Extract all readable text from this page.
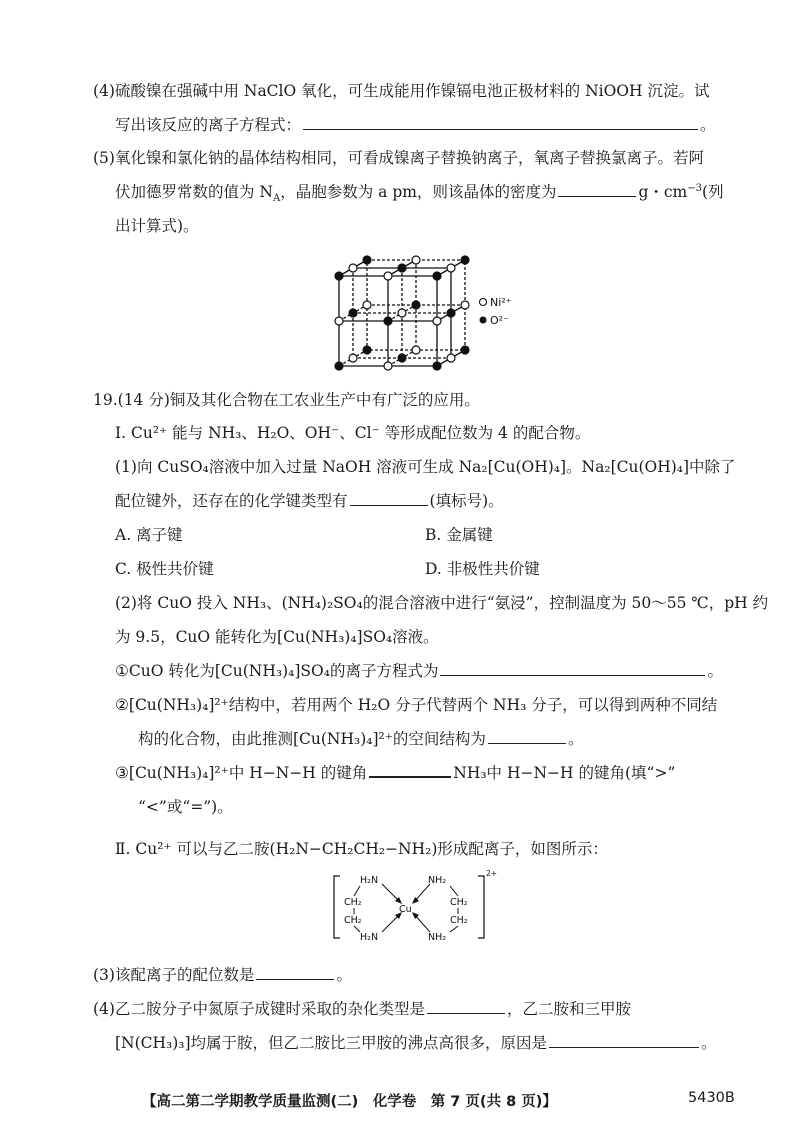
(4)硫酸镍在强碱中用 NaClO 氧化，可生成能用作镍镉电池正极材料的 NiOOH 沉淀。试
写出该反应的离子方程式：	。
(5)氧化镍和氯化钠的晶体结构相同，可看成镍离子替换钠离子，氧离子替换氯离子。若阿
伏加德罗常数的值为 $N_A$，晶胞参数为 a pm，则该晶体的密度为	g・$cm^{-3}$(列
出计算式)。
Ni²⁺
O²⁻
19.(14 分)铜及其化合物在工农业生产中有广泛的应用。
Ⅰ. Cu²⁺ 能与 NH₃、H₂O、OH⁻、Cl⁻ 等形成配位数为 4 的配合物。
(1)向 CuSO₄溶液中加入过量 NaOH 溶液可生成 Na₂[Cu(OH)₄]。Na₂[Cu(OH)₄]中除了
配位键外，还存在的化学键类型有	(填标号)。
A. 离子键	B. 金属键
C. 极性共价键	D. 非极性共价键
(2)将 CuO 投入 NH₃、(NH₄)₂SO₄的混合溶液中进行“氨浸”，控制温度为 50～55 ℃，pH 约
为 9.5，CuO 能转化为[Cu(NH₃)₄]SO₄溶液。
①CuO 转化为[Cu(NH₃)₄]SO₄的离子方程式为	。
②[Cu(NH₃)₄]²⁺结构中，若用两个 H₂O 分子代替两个 NH₃ 分子，可以得到两种不同结
构的化合物，由此推测[Cu(NH₃)₄]²⁺的空间结构为	。
③[Cu(NH₃)₄]²⁺中 H−N−H 的键角	NH₃中 H−N−H 的键角(填“>”
“<”或“=”)。
Ⅱ. Cu²⁺ 可以与乙二胺(H₂N−CH₂CH₂−NH₂)形成配离子，如图所示：
H₂N	NH₂
CH₂
CH₂
CH₂
CH₂
Cu
H₂N	NH₂
2+
(3)该配离子的配位数是	。
(4)乙二胺分子中氮原子成键时采取的杂化类型是	，乙二胺和三甲胺
[N(CH₃)₃]均属于胺，但乙二胺比三甲胺的沸点高很多，原因是	。
【高二第二学期教学质量监测(二)　化学卷　第 7 页(共 8 页)】	5430B
